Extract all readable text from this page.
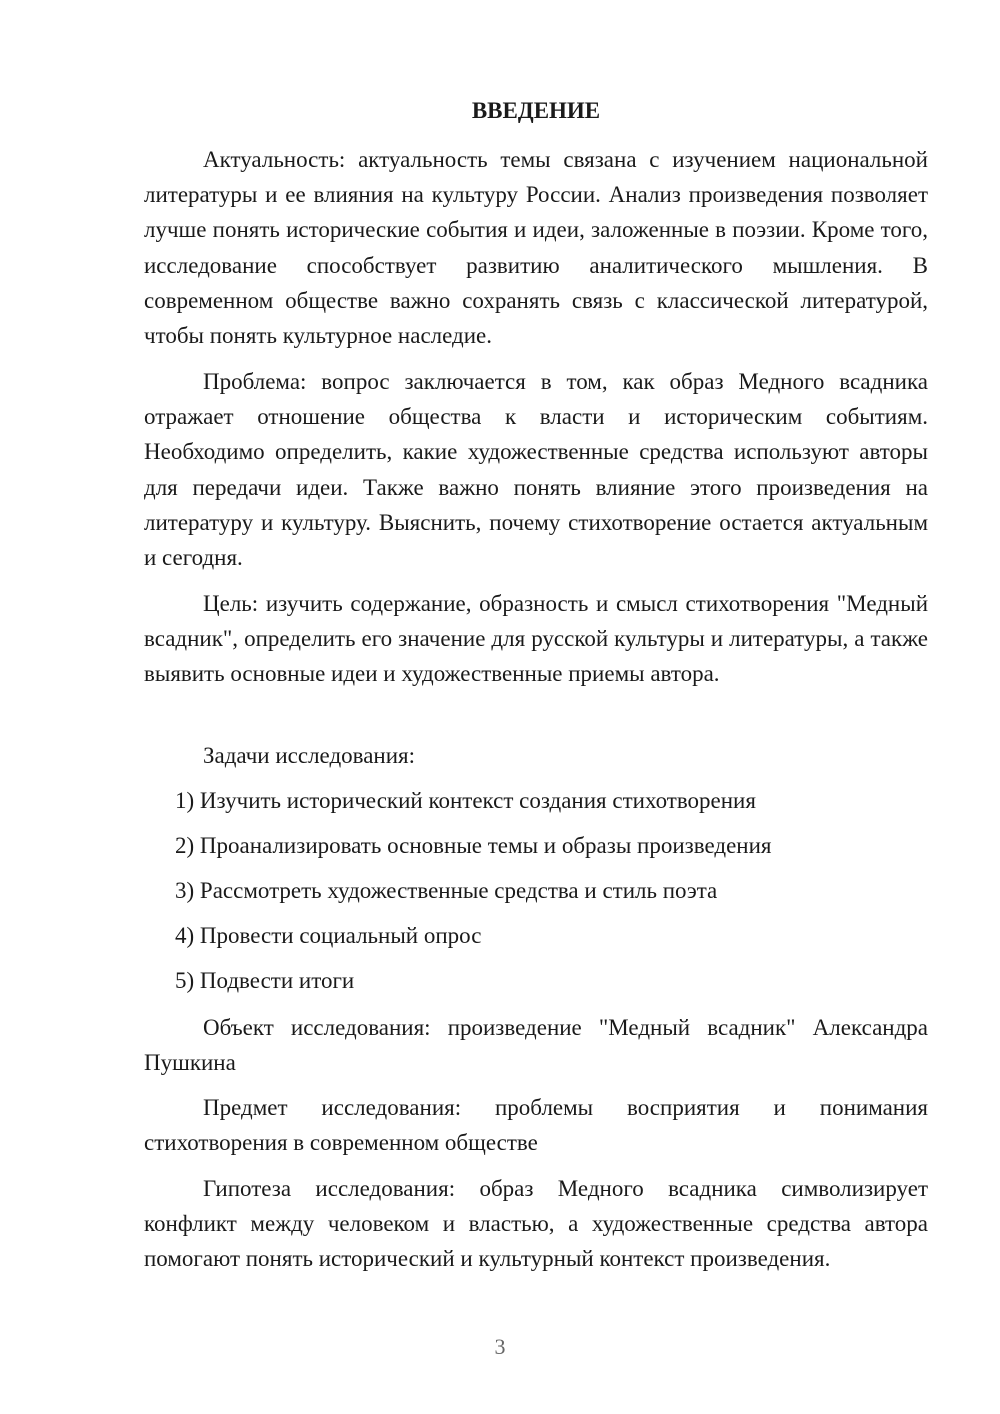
ВВЕДЕНИЕ

Актуальность: актуальность темы связана с изучением национальной литературы и ее влияния на культуру России. Анализ произведения позволяет лучше понять исторические события и идеи, заложенные в поэзии. Кроме того, исследование способствует развитию аналитического мышления. В современном обществе важно сохранять связь с классической литературой, чтобы понять культурное наследие.

Проблема: вопрос заключается в том, как образ Медного всадника отражает отношение общества к власти и историческим событиям. Необходимо определить, какие художественные средства используют авторы для передачи идеи. Также важно понять влияние этого произведения на литературу и культуру. Выяснить, почему стихотворение остается актуальным и сегодня.

Цель: изучить содержание, образность и смысл стихотворения "Медный всадник", определить его значение для русской культуры и литературы, а также выявить основные идеи и художественные приемы автора.

Задачи исследования:

1) Изучить исторический контекст создания стихотворения
2) Проанализировать основные темы и образы произведения
3) Рассмотреть художественные средства и стиль поэта
4) Провести социальный опрос
5) Подвести итоги

Объект исследования: произведение "Медный всадник" Александра Пушкина

Предмет исследования: проблемы восприятия и понимания стихотворения в современном обществе

Гипотеза исследования: образ Медного всадника символизирует конфликт между человеком и властью, а художественные средства автора помогают понять исторический и культурный контекст произведения.

3
